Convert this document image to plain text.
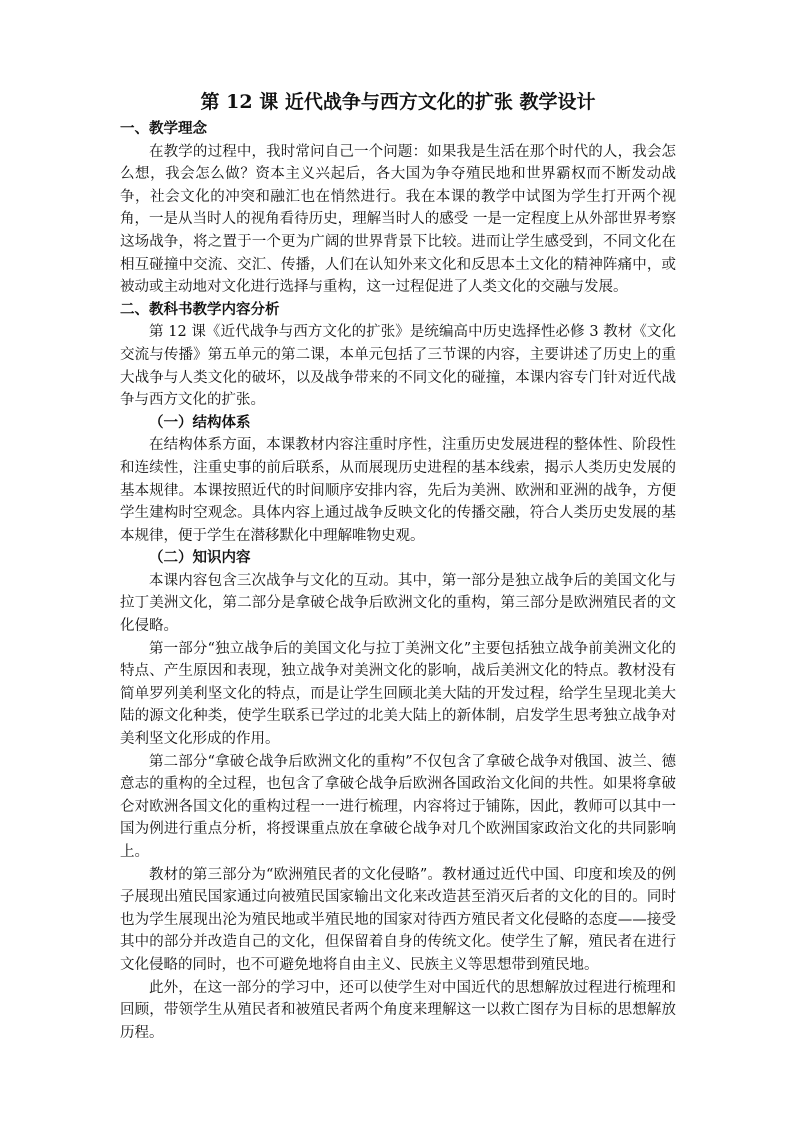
第 12 课 近代战争与西方文化的扩张 教学设计
一、教学理念

在教学的过程中，我时常问自己一个问题：如果我是生活在那个时代的人，我会怎么想，我会怎么做？资本主义兴起后，各大国为争夺殖民地和世界霸权而不断发动战争，社会文化的冲突和融汇也在悄然进行。我在本课的教学中试图为学生打开两个视角，一是从当时人的视角看待历史，理解当时人的感受 一是一定程度上从外部世界考察这场战争，将之置于一个更为广阔的世界背景下比较。进而让学生感受到，不同文化在相互碰撞中交流、交汇、传播，人们在认知外来文化和反思本土文化的精神阵痛中，或被动或主动地对文化进行选择与重构，这一过程促进了人类文化的交融与发展。

二、教科书教学内容分析

第 12 课《近代战争与西方文化的扩张》是统编高中历史选择性必修 3 教材《文化交流与传播》第五单元的第二课，本单元包括了三节课的内容，主要讲述了历史上的重大战争与人类文化的破坏，以及战争带来的不同文化的碰撞，本课内容专门针对近代战争与西方文化的扩张。

（一）结构体系

在结构体系方面，本课教材内容注重时序性，注重历史发展进程的整体性、阶段性和连续性，注重史事的前后联系，从而展现历史进程的基本线索，揭示人类历史发展的基本规律。本课按照近代的时间顺序安排内容，先后为美洲、欧洲和亚洲的战争，方便学生建构时空观念。具体内容上通过战争反映文化的传播交融，符合人类历史发展的基本规律，便于学生在潜移默化中理解唯物史观。

（二）知识内容

本课内容包含三次战争与文化的互动。其中，第一部分是独立战争后的美国文化与拉丁美洲文化，第二部分是拿破仑战争后欧洲文化的重构，第三部分是欧洲殖民者的文化侵略。

第一部分“独立战争后的美国文化与拉丁美洲文化”主要包括独立战争前美洲文化的特点、产生原因和表现，独立战争对美洲文化的影响，战后美洲文化的特点。教材没有简单罗列美利坚文化的特点，而是让学生回顾北美大陆的开发过程，给学生呈现北美大陆的源文化种类，使学生联系已学过的北美大陆上的新体制，启发学生思考独立战争对美利坚文化形成的作用。

第二部分“拿破仑战争后欧洲文化的重构”不仅包含了拿破仑战争对俄国、波兰、德意志的重构的全过程，也包含了拿破仑战争后欧洲各国政治文化间的共性。如果将拿破仑对欧洲各国文化的重构过程一一进行梳理，内容将过于铺陈，因此，教师可以其中一国为例进行重点分析，将授课重点放在拿破仑战争对几个欧洲国家政治文化的共同影响上。

教材的第三部分为“欧洲殖民者的文化侵略”。教材通过近代中国、印度和埃及的例子展现出殖民国家通过向被殖民国家输出文化来改造甚至消灭后者的文化的目的。同时也为学生展现出沦为殖民地或半殖民地的国家对待西方殖民者文化侵略的态度——接受其中的部分并改造自己的文化，但保留着自身的传统文化。使学生了解，殖民者在进行文化侵略的同时，也不可避免地将自由主义、民族主义等思想带到殖民地。

此外，在这一部分的学习中，还可以使学生对中国近代的思想解放过程进行梳理和回顾，带领学生从殖民者和被殖民者两个角度来理解这一以救亡图存为目标的思想解放历程。
